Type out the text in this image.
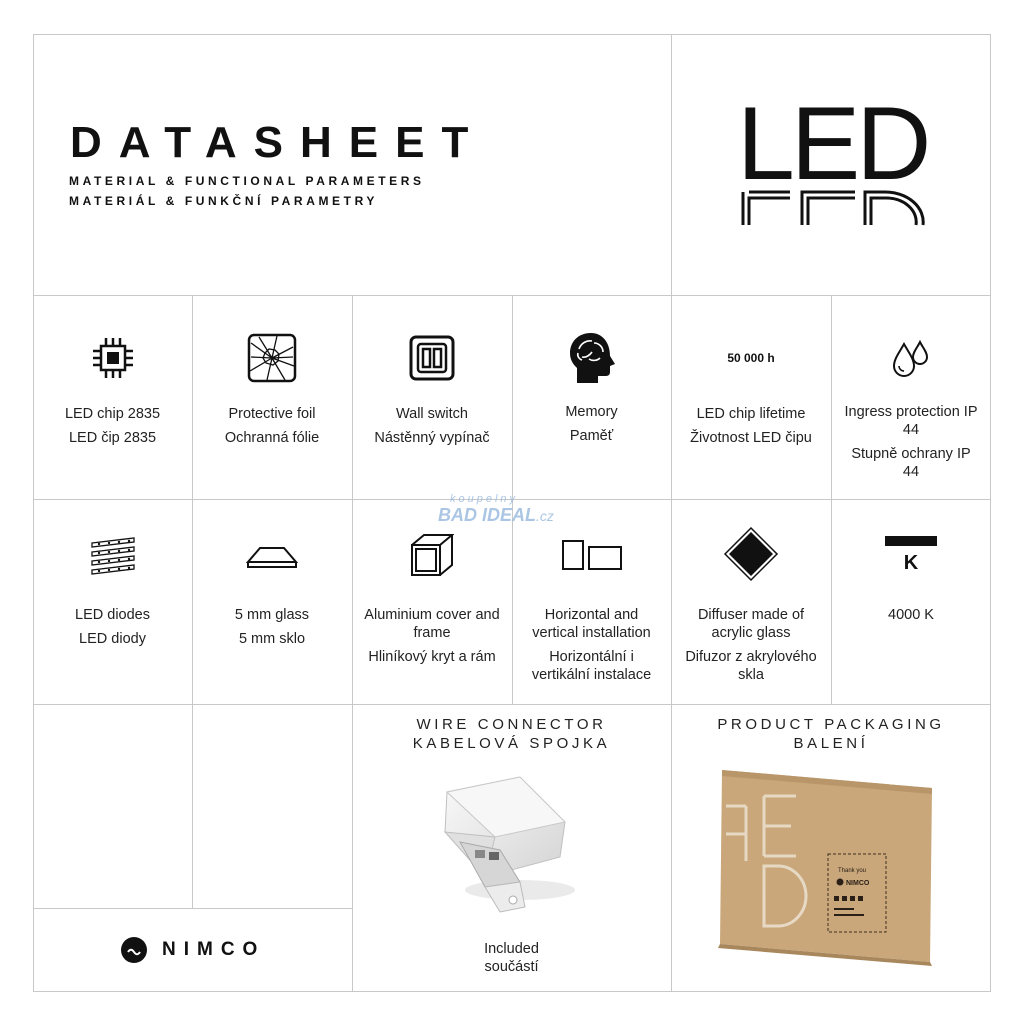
DATASHEET
MATERIAL & FUNCTIONAL PARAMETERS
MATERIÁL & FUNKČNÍ PARAMETRY	LED
LED chip 2835
LED čip 2835
Protective foil
Ochranná fólie
Wall switch
Nástěnný vypínač
Memory
Paměť
50 000 h
LED chip lifetime
Životnost LED čipu
Ingress protection IP 44
Stupně ochrany IP 44
LED diodes
LED diody
5 mm glass
5 mm sklo
Aluminium cover and frame
Hliníkový kryt a rám
Horizontal and vertical installation
Horizontální i vertikální instalace
Diffuser made of acrylic glass
Difuzor z akrylového skla
K
4000 K
koupelny
BAD IDEAL.cz
WIRE CONNECTOR
KABELOVÁ SPOJKA
Included
součástí
PRODUCT PACKAGING
BALENÍ
Thank you
NIMCO
NIMCO
